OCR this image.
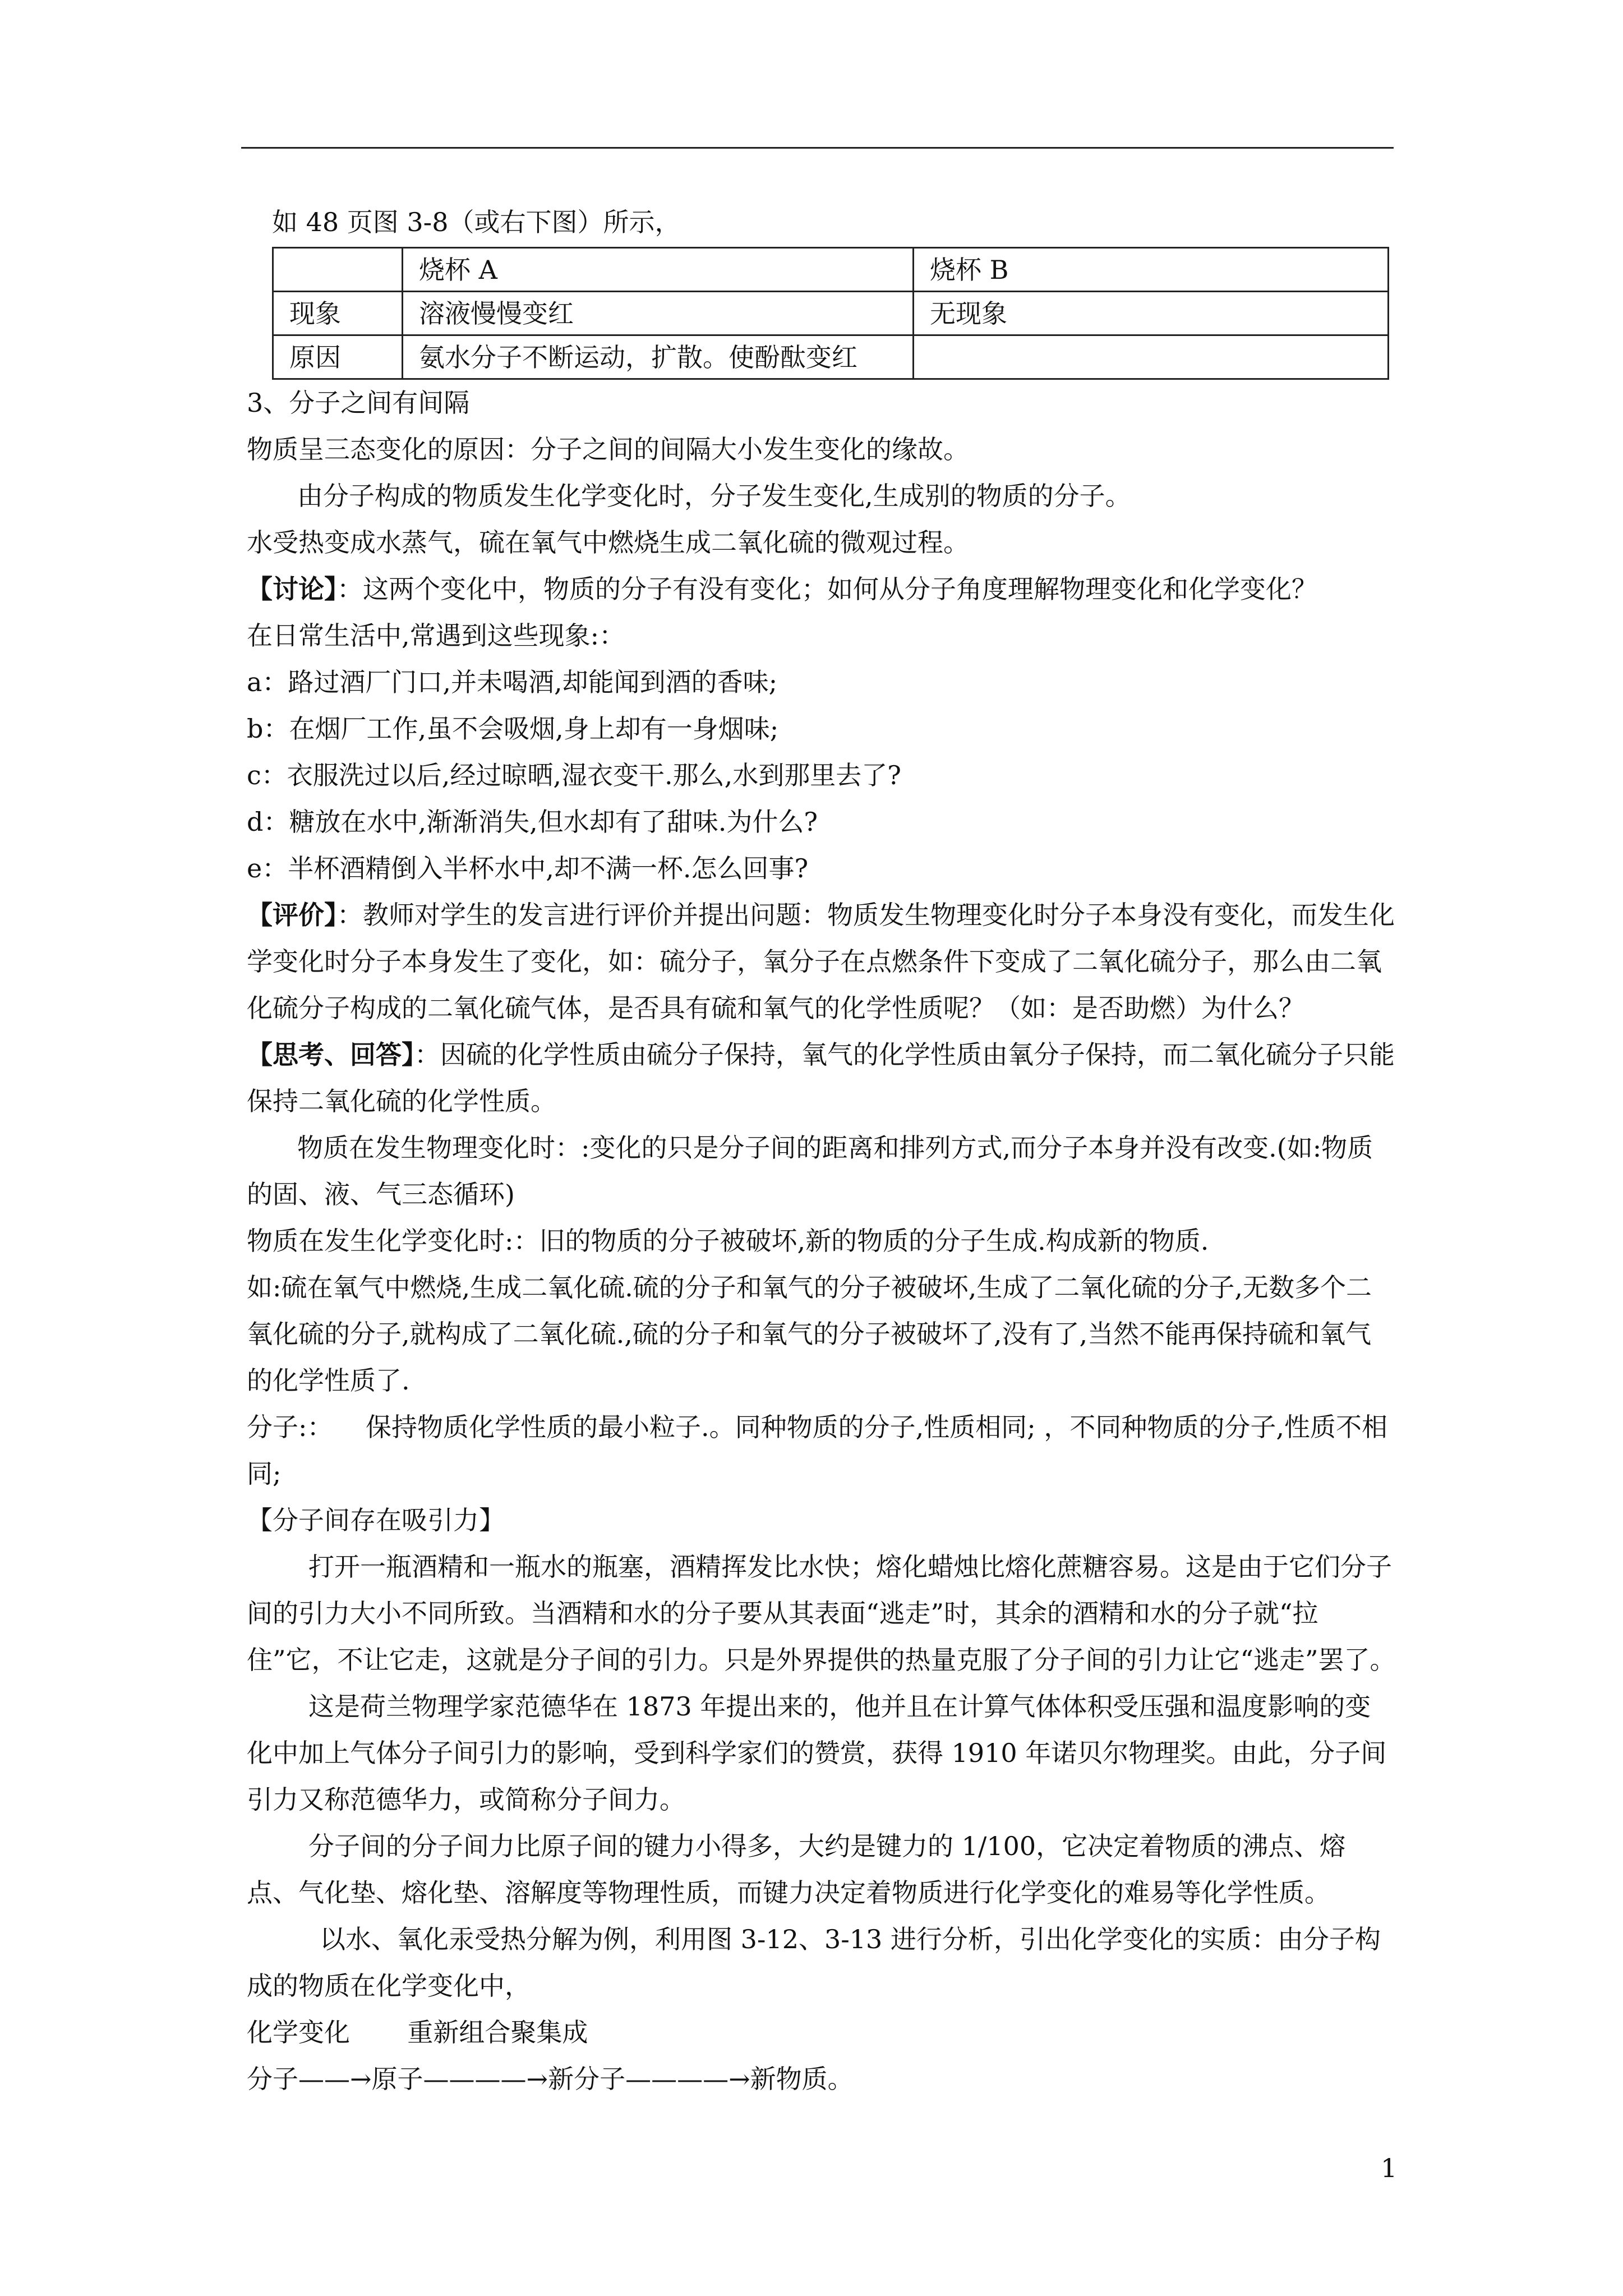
如 48 页图 3-8（或右下图）所示，

	烧杯 A	烧杯 B
现象	溶液慢慢变红	无现象
原因	氨水分子不断运动，扩散。使酚酞变红	

3、分子之间有间隔

物质呈三态变化的原因：分子之间的间隔大小发生变化的缘故。

由分子构成的物质发生化学变化时，分子发生变化,生成别的物质的分子。

水受热变成水蒸气，硫在氧气中燃烧生成二氧化硫的微观过程。

【讨论】：这两个变化中，物质的分子有没有变化；如何从分子角度理解物理变化和化学变化？

在日常生活中,常遇到这些现象:：

a：路过酒厂门口,并未喝酒,却能闻到酒的香味;

b：在烟厂工作,虽不会吸烟,身上却有一身烟味;

c：衣服洗过以后,经过晾晒,湿衣变干.那么,水到那里去了?

d：糖放在水中,渐渐消失,但水却有了甜味.为什么?

e：半杯酒精倒入半杯水中,却不满一杯.怎么回事?

【评价】：教师对学生的发言进行评价并提出问题：物质发生物理变化时分子本身没有变化，而发生化学变化时分子本身发生了变化，如：硫分子，氧分子在点燃条件下变成了二氧化硫分子，那么由二氧化硫分子构成的二氧化硫气体，是否具有硫和氧气的化学性质呢？（如：是否助燃）为什么？

【思考、回答】：因硫的化学性质由硫分子保持，氧气的化学性质由氧分子保持，而二氧化硫分子只能保持二氧化硫的化学性质。

物质在发生物理变化时：:变化的只是分子间的距离和排列方式,而分子本身并没有改变.(如:物质的固、液、气三态循环)

物质在发生化学变化时:：旧的物质的分子被破坏,新的物质的分子生成.构成新的物质.

如:硫在氧气中燃烧,生成二氧化硫.硫的分子和氧气的分子被破坏,生成了二氧化硫的分子,无数多个二氧化硫的分子,就构成了二氧化硫.,硫的分子和氧气的分子被破坏了,没有了,当然不能再保持硫和氧气的化学性质了.

分子:：    保持物质化学性质的最小粒子.。同种物质的分子,性质相同; ，不同种物质的分子,性质不相同;

【分子间存在吸引力】

打开一瓶酒精和一瓶水的瓶塞，酒精挥发比水快；熔化蜡烛比熔化蔗糖容易。这是由于它们分子间的引力大小不同所致。当酒精和水的分子要从其表面“逃走”时，其余的酒精和水的分子就“拉住”它，不让它走，这就是分子间的引力。只是外界提供的热量克服了分子间的引力让它“逃走”罢了。

这是荷兰物理学家范德华在 1873 年提出来的，他并且在计算气体体积受压强和温度影响的变化中加上气体分子间引力的影响，受到科学家们的赞赏，获得 1910 年诺贝尔物理奖。由此，分子间引力又称范德华力，或简称分子间力。

分子间的分子间力比原子间的键力小得多，大约是键力的 1/100，它决定着物质的沸点、熔点、气化垫、熔化垫、溶解度等物理性质，而键力决定着物质进行化学变化的难易等化学性质。

以水、氧化汞受热分解为例，利用图 3-12、3-13 进行分析，引出化学变化的实质：由分子构成的物质在化学变化中，

化学变化       重新组合聚集成

分子——→原子————→新分子————→新物质。

1
